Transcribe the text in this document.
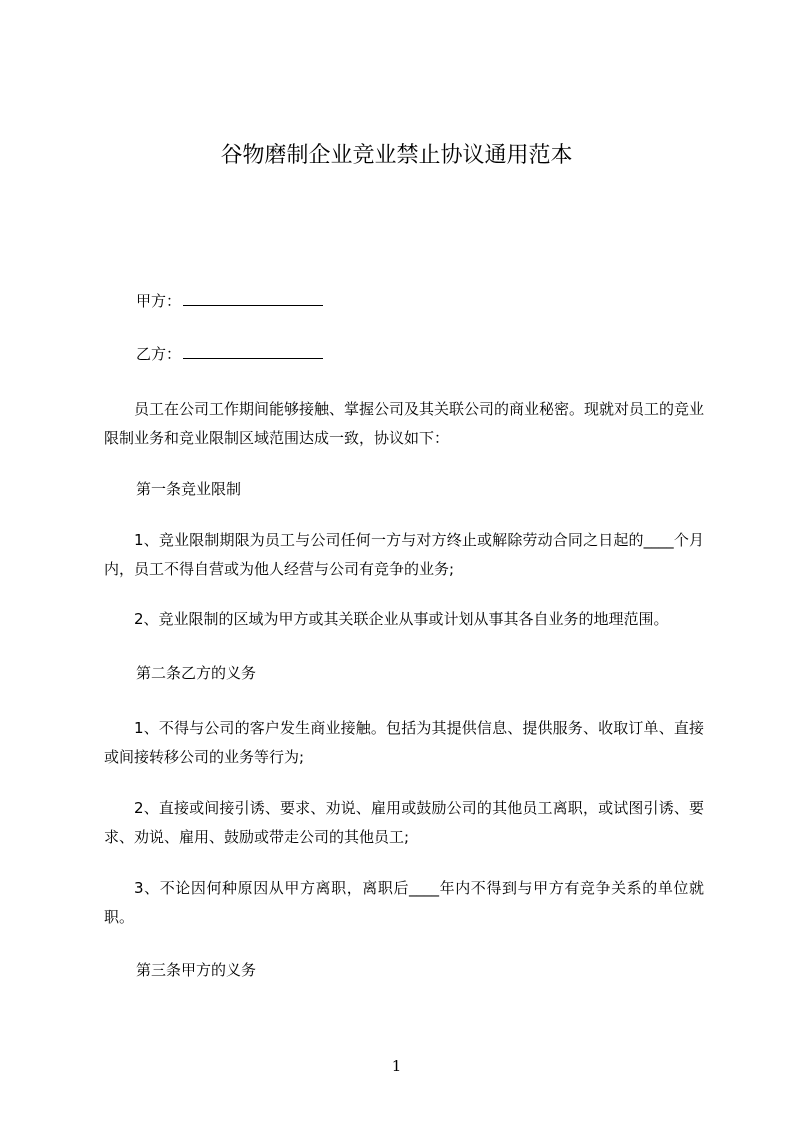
谷物磨制企业竞业禁止协议通用范本
甲方：
乙方：
员工在公司工作期间能够接触、掌握公司及其关联公司的商业秘密。现就对员工的竞业限制业务和竞业限制区域范围达成一致，协议如下：
第一条竞业限制
1、竞业限制期限为员工与公司任何一方与对方终止或解除劳动合同之日起的____个月内，员工不得自营或为他人经营与公司有竞争的业务;
2、竞业限制的区域为甲方或其关联企业从事或计划从事其各自业务的地理范围。
第二条乙方的义务
1、不得与公司的客户发生商业接触。包括为其提供信息、提供服务、收取订单、直接或间接转移公司的业务等行为;
2、直接或间接引诱、要求、劝说、雇用或鼓励公司的其他员工离职，或试图引诱、要求、劝说、雇用、鼓励或带走公司的其他员工;
3、不论因何种原因从甲方离职，离职后____年内不得到与甲方有竞争关系的单位就职。
第三条甲方的义务
1
